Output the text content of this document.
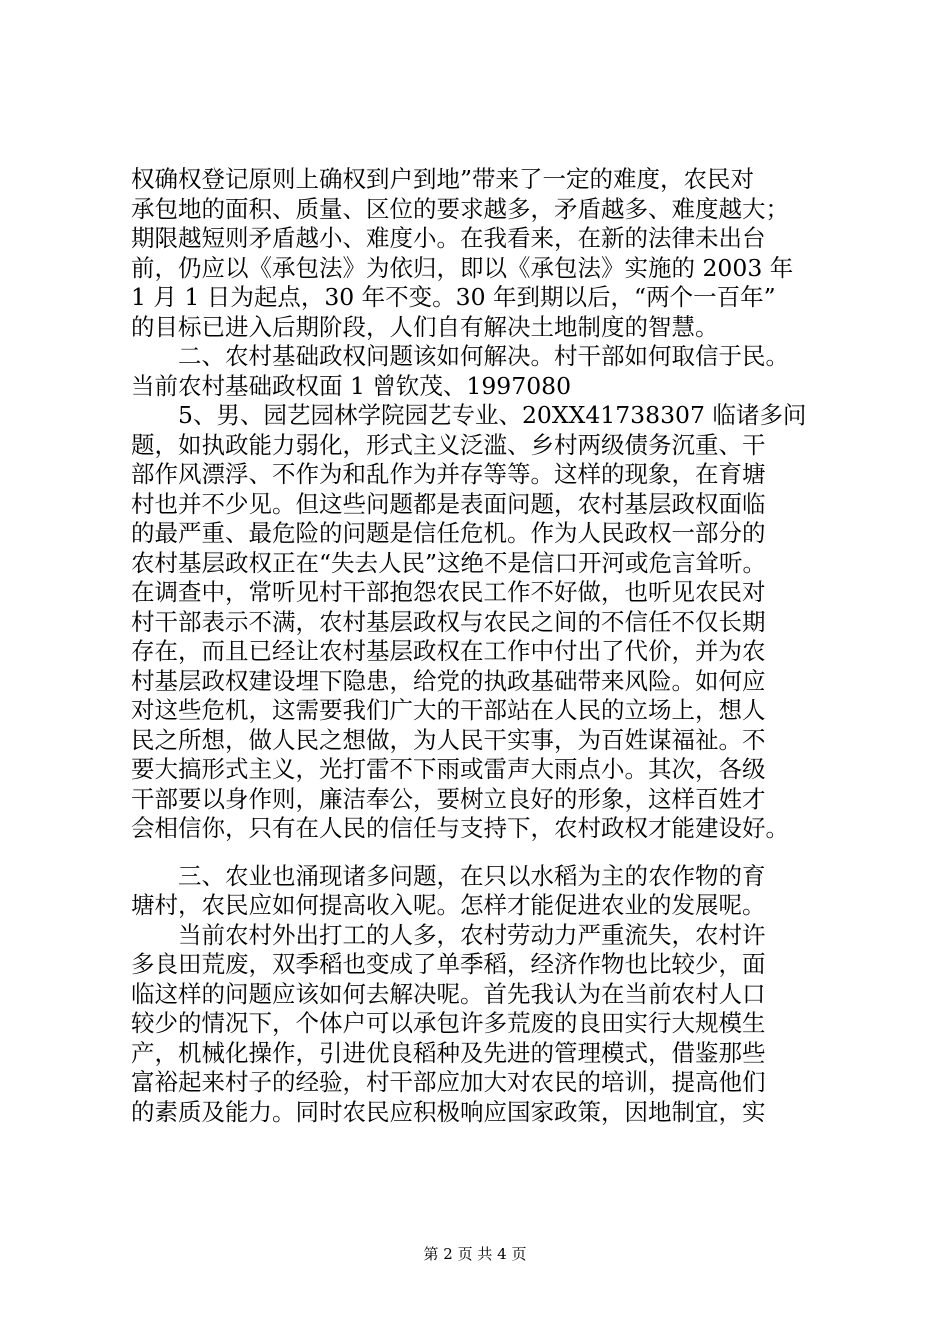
权确权登记原则上确权到户到地”带来了一定的难度，农民对
承包地的面积、质量、区位的要求越多，矛盾越多、难度越大；
期限越短则矛盾越小、难度小。在我看来，在新的法律未出台
前，仍应以《承包法》为依归，即以《承包法》实施的 2003 年
1 月 1 日为起点，30 年不变。30 年到期以后，“两个一百年”
的目标已进入后期阶段，人们自有解决土地制度的智慧。
　　二、农村基础政权问题该如何解决。村干部如何取信于民。
当前农村基础政权面 1 曾钦茂、1997080
　　5、男、园艺园林学院园艺专业、20XX41738307 临诸多问
题，如执政能力弱化，形式主义泛滥、乡村两级债务沉重、干
部作风漂浮、不作为和乱作为并存等等。这样的现象，在育塘
村也并不少见。但这些问题都是表面问题，农村基层政权面临
的最严重、最危险的问题是信任危机。作为人民政权一部分的
农村基层政权正在“失去人民”这绝不是信口开河或危言耸听。
在调查中，常听见村干部抱怨农民工作不好做，也听见农民对
村干部表示不满，农村基层政权与农民之间的不信任不仅长期
存在，而且已经让农村基层政权在工作中付出了代价，并为农
村基层政权建设埋下隐患，给党的执政基础带来风险。如何应
对这些危机，这需要我们广大的干部站在人民的立场上，想人
民之所想，做人民之想做，为人民干实事，为百姓谋福祉。不
要大搞形式主义，光打雷不下雨或雷声大雨点小。其次，各级
干部要以身作则，廉洁奉公，要树立良好的形象，这样百姓才
会相信你，只有在人民的信任与支持下，农村政权才能建设好。
　　三、农业也涌现诸多问题，在只以水稻为主的农作物的育
塘村，农民应如何提高收入呢。怎样才能促进农业的发展呢。
　　当前农村外出打工的人多，农村劳动力严重流失，农村许
多良田荒废，双季稻也变成了单季稻，经济作物也比较少，面
临这样的问题应该如何去解决呢。首先我认为在当前农村人口
较少的情况下，个体户可以承包许多荒废的良田实行大规模生
产，机械化操作，引进优良稻种及先进的管理模式，借鉴那些
富裕起来村子的经验，村干部应加大对农民的培训，提高他们
的素质及能力。同时农民应积极响应国家政策，因地制宜，实
第 2 页 共 4 页
